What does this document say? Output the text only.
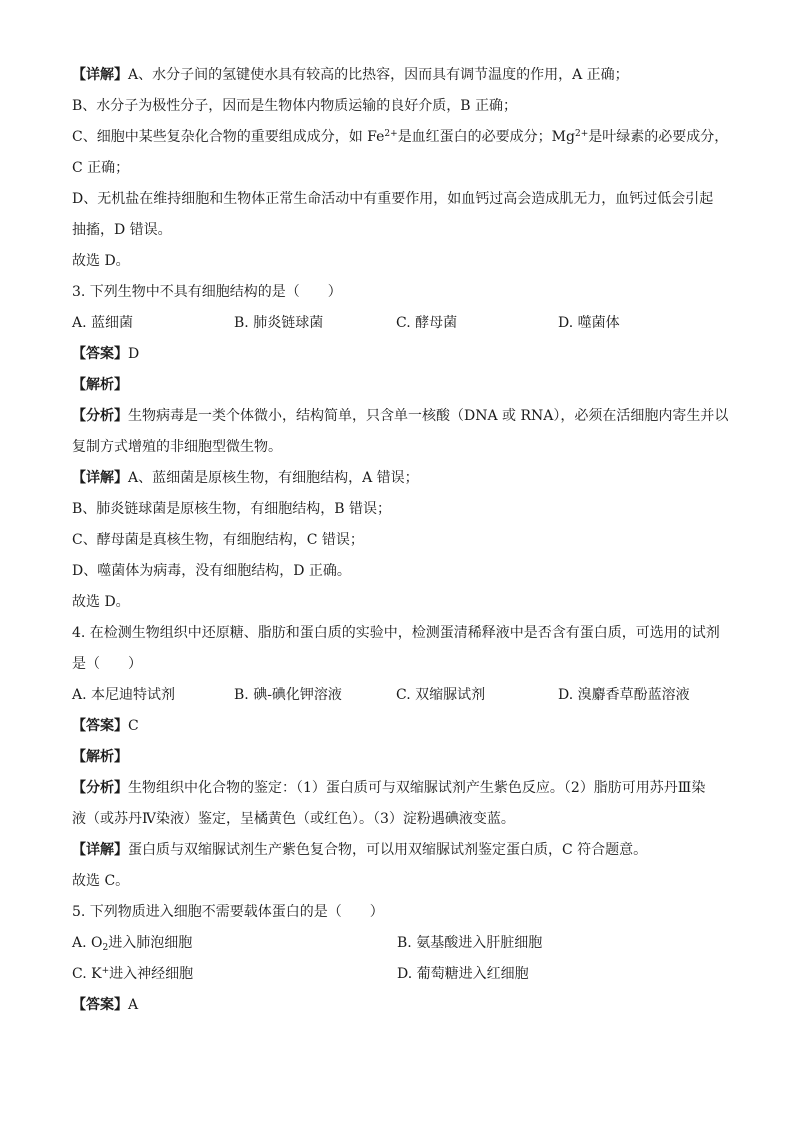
【详解】A、水分子间的氢键使水具有较高的比热容，因而具有调节温度的作用，A 正确；
B、水分子为极性分子，因而是生物体内物质运输的良好介质，B 正确；
C、细胞中某些复杂化合物的重要组成成分，如 $Fe^{2+}$是血红蛋白的必要成分；$Mg^{2+}$是叶绿素的必要成分，
C 正确；
D、无机盐在维持细胞和生物体正常生命活动中有重要作用，如血钙过高会造成肌无力，血钙过低会引起
抽搐，D 错误。
故选 D。
3. 下列生物中不具有细胞结构的是（　　）
A. 蓝细菌	B. 肺炎链球菌	C. 酵母菌	D. 噬菌体
【答案】D
【解析】
【分析】生物病毒是一类个体微小，结构简单，只含单一核酸（DNA 或 RNA），必须在活细胞内寄生并以
复制方式增殖的非细胞型微生物。
【详解】A、蓝细菌是原核生物，有细胞结构，A 错误；
B、肺炎链球菌是原核生物，有细胞结构，B 错误；
C、酵母菌是真核生物，有细胞结构，C 错误；
D、噬菌体为病毒，没有细胞结构，D 正确。
故选 D。
4. 在检测生物组织中还原糖、脂肪和蛋白质的实验中，检测蛋清稀释液中是否含有蛋白质，可选用的试剂
是（　　）
A. 本尼迪特试剂	B. 碘-碘化钾溶液	C. 双缩脲试剂	D. 溴麝香草酚蓝溶液
【答案】C
【解析】
【分析】生物组织中化合物的鉴定：（1）蛋白质可与双缩脲试剂产生紫色反应。（2）脂肪可用苏丹Ⅲ染
液（或苏丹Ⅳ染液）鉴定，呈橘黄色（或红色）。（3）淀粉遇碘液变蓝。
【详解】蛋白质与双缩脲试剂生产紫色复合物，可以用双缩脲试剂鉴定蛋白质，C 符合题意。
故选 C。
5. 下列物质进入细胞不需要载体蛋白的是（　　）
A. $O_2$进入肺泡细胞	B. 氨基酸进入肝脏细胞
C. K+进入神经细胞	D. 葡萄糖进入红细胞
【答案】A
